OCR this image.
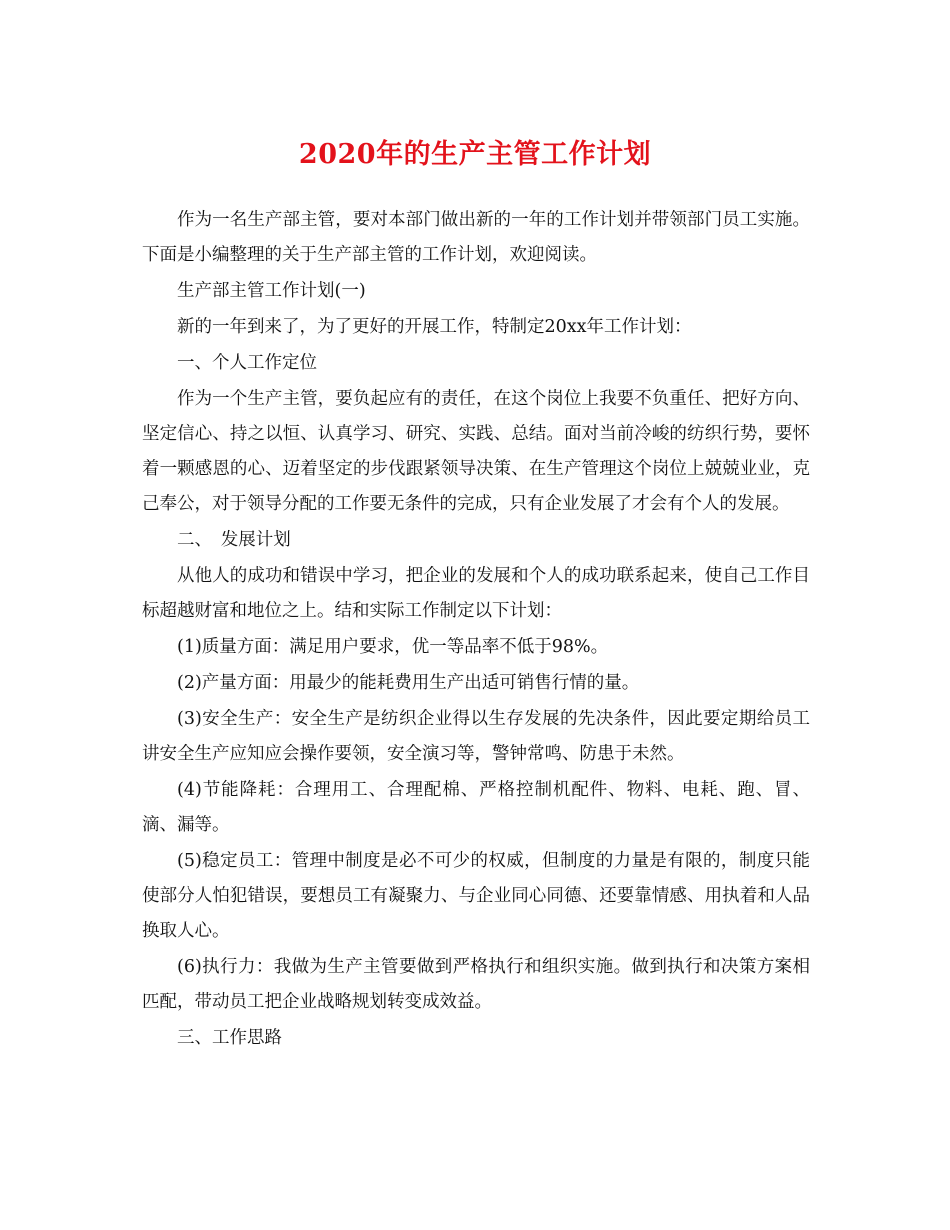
2020年的生产主管工作计划

作为一名生产部主管，要对本部门做出新的一年的工作计划并带领部门员工实施。下面是小编整理的关于生产部主管的工作计划，欢迎阅读。

生产部主管工作计划(一)

新的一年到来了，为了更好的开展工作，特制定20xx年工作计划：

一、个人工作定位

作为一个生产主管，要负起应有的责任，在这个岗位上我要不负重任、把好方向、坚定信心、持之以恒、认真学习、研究、实践、总结。面对当前冷峻的纺织行势，要怀着一颗感恩的心、迈着坚定的步伐跟紧领导决策、在生产管理这个岗位上兢兢业业，克己奉公，对于领导分配的工作要无条件的完成，只有企业发展了才会有个人的发展。

二、　发展计划

从他人的成功和错误中学习，把企业的发展和个人的成功联系起来，使自己工作目标超越财富和地位之上。结和实际工作制定以下计划：

(1)质量方面：满足用户要求，优一等品率不低于98%。

(2)产量方面：用最少的能耗费用生产出适可销售行情的量。

(3)安全生产：安全生产是纺织企业得以生存发展的先决条件，因此要定期给员工讲安全生产应知应会操作要领，安全演习等，警钟常鸣、防患于未然。

(4)节能降耗：合理用工、合理配棉、严格控制机配件、物料、电耗、跑、冒、滴、漏等。

(5)稳定员工：管理中制度是必不可少的权威，但制度的力量是有限的，制度只能使部分人怕犯错误，要想员工有凝聚力、与企业同心同德、还要靠情感、用执着和人品换取人心。

(6)执行力：我做为生产主管要做到严格执行和组织实施。做到执行和决策方案相匹配，带动员工把企业战略规划转变成效益。

三、工作思路
